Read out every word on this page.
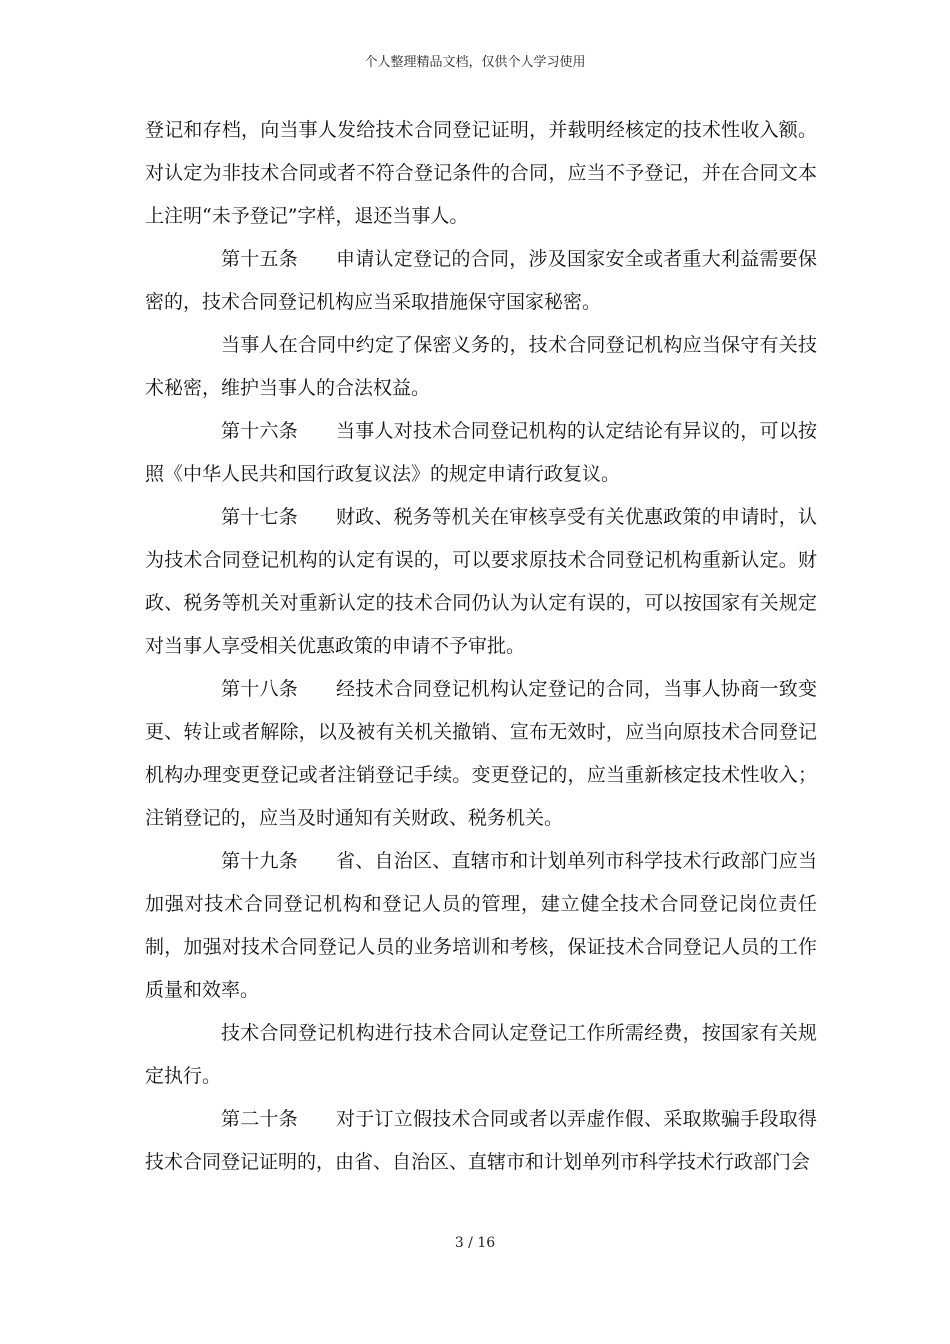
个人整理精品文档，仅供个人学习使用

登记和存档，向当事人发给技术合同登记证明，并载明经核定的技术性收入额。对认定为非技术合同或者不符合登记条件的合同，应当不予登记，并在合同文本上注明“未予登记”字样，退还当事人。

第十五条 申请认定登记的合同，涉及国家安全或者重大利益需要保密的，技术合同登记机构应当采取措施保守国家秘密。

当事人在合同中约定了保密义务的，技术合同登记机构应当保守有关技术秘密，维护当事人的合法权益。

第十六条 当事人对技术合同登记机构的认定结论有异议的，可以按照《中华人民共和国行政复议法》的规定申请行政复议。

第十七条 财政、税务等机关在审核享受有关优惠政策的申请时，认为技术合同登记机构的认定有误的，可以要求原技术合同登记机构重新认定。财政、税务等机关对重新认定的技术合同仍认为认定有误的，可以按国家有关规定对当事人享受相关优惠政策的申请不予审批。

第十八条 经技术合同登记机构认定登记的合同，当事人协商一致变更、转让或者解除，以及被有关机关撤销、宣布无效时，应当向原技术合同登记机构办理变更登记或者注销登记手续。变更登记的，应当重新核定技术性收入；注销登记的，应当及时通知有关财政、税务机关。

第十九条 省、自治区、直辖市和计划单列市科学技术行政部门应当加强对技术合同登记机构和登记人员的管理，建立健全技术合同登记岗位责任制，加强对技术合同登记人员的业务培训和考核，保证技术合同登记人员的工作质量和效率。

技术合同登记机构进行技术合同认定登记工作所需经费，按国家有关规定执行。

第二十条 对于订立假技术合同或者以弄虚作假、采取欺骗手段取得技术合同登记证明的，由省、自治区、直辖市和计划单列市科学技术行政部门会

3 / 16
